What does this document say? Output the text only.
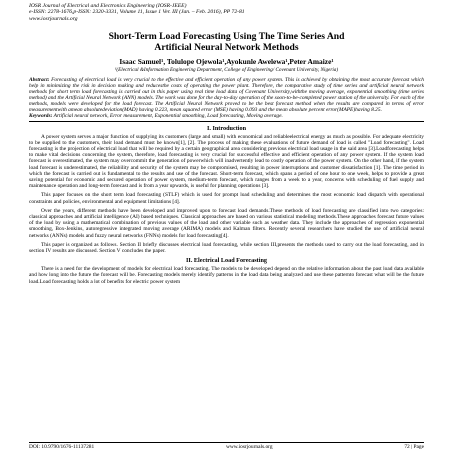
IOSR Journal of Electrical and Electronics Engineering (IOSR-JEEE)
e-ISSN: 2278-1676,p-ISSN: 2320-3331, Volume 11, Issue 1 Ver. III (Jan. – Feb. 2016), PP 72-81
www.iosrjournals.org
Short-Term Load Forecasting Using The Time Series And
Artificial Neural Network Methods
Isaac Samuel¹, Tolulope Ojewola¹,Ayokunle Awelewa¹,Peter Amaize¹
¹(Electrical &Information Engineering Department, College of Engineering/ Covenant University, Nigeria)
Abstract: Forecasting of electrical load is very crucial to the effective and efficient operation of any power system. This is achieved by obtaining the most accurate forecast which help in minimizing the risk in decision making and reducesthe costs of operating the power plant. Therefore, the comparative study of time series and artificial neural network methods for short term load forecasting is carried out in this paper using real time load data of Covenant University,withthe moving average, exponential smoothing (time series method) and the Artificial Neural Network (ANN) models. The work was done for the day-to-day operation of the soon-to-be-completed power station of the university. For each of the methods, models were developed for the load forecast. The Artificial Neural Network proved to be the best forecast method when the results are compared in terms of error measurementwith amean absolutedeviation(MAD) having 0.223, mean squared error (MSE) having 0.093 and the mean absolute percent error(MAPE)having 8.25.
Keywords: Artificial neural network, Error measurement, Exponential smoothing, Load forecasting, Moving average.
I. Introduction

A power system serves a major function of supplying its customers (large and small) with economical and reliableelectrical energy as much as possible. For adequate electricity to be supplied to the customers, their load demand must be known[1], [2]. The process of making these evaluations of future demand of load is called "Load forecasting". Load forecasting is the projection of electrical load that will be required by a certain geographical area considering previous electrical load usage in the said area [3].Loadforecasting helps to make vital decisions concerning the system, therefore, load forecasting is very crucial for successful effective and efficient operation of any power system. If the system load forecast is overestimated, the system may overcommit the generation of powerwhich will inadvertently lead to costly operation of the power system. On the other hand, if the system load forecast is underestimated, the reliability and security of the system may be compromised, resulting in power interruptions and customer dissatisfaction [1]. The time period in which the forecast is carried out is fundamental to the results and use of the forecast. Short-term forecast, which spans a period of one hour to one week, helps to provide a great saving potential for economic and secured operation of power system, medium-term forecast, which ranges from a week to a year, concerns with scheduling of fuel supply and maintenance operation and long-term forecast and is from a year upwards, is useful for planning operations [3].

This paper focuses on the short term load forecasting (STLF) which is used for prompt load scheduling and determines the most economic load dispatch with operational constraints and policies, environmental and equipment limitations [4].

Over the years, different methods have been developed and improved upon to forecast load demands.These methods of load forecasting are classified into two categories: classical approaches and artificial intelligence (AI) based techniques. Classical approaches are based on various statistical modeling methods.These approaches forecast future values of the load by using a mathematical combination of previous values of the load and other variable such as weather data. They include the approaches of regression exponential smoothing, Box-Jenkins, autoregressive integrated moving average (ARIMA) models and Kalman filters. Recently several researchers have studied the use of artificial neural networks (ANNs) models and fuzzy neural networks (FNNs) models for load forecasting[4].

This paper is organized as follows. Section II briefly discusses electrical load forecasting, while section III,presents the methods used to carry out the load forecasting, and in section IV results are discussed. Section V concludes the paper.

II. Electrical Load Forecasting

There is a need for the development of models for electrical load forecasting. The models to be developed depend on the relative information about the past load data available and how long into the future the forecast will be. Forecasting models merely identify patterns in the load data being analyzed and use these patternto forecast what will be the future load.Load forecasting holds a lot of benefits for electric power system

DOI: 10.9790/1676-11137281	www.iosrjournals.org	72 | Page
